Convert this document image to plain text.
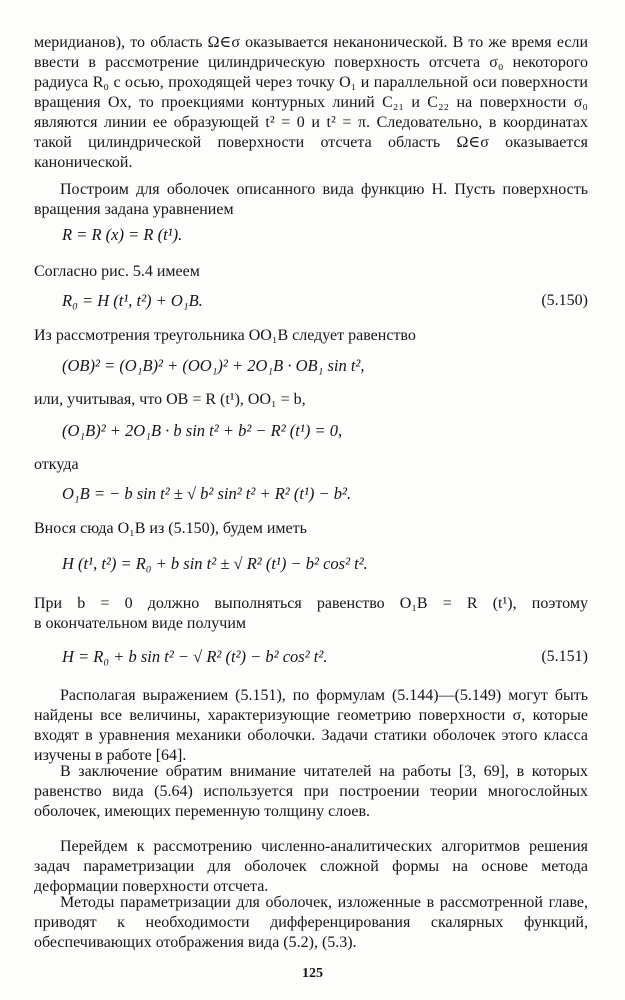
меридианов), то область Ω∈σ оказывается неканонической. В то же время если ввести в рассмотрение цилиндрическую поверхность отсчета σ₀ некоторого радиуса R₀ с осью, проходящей через точку O₁ и параллельной оси поверхности вращения Ox, то проекциями контурных линий C₂₁ и C₂₂ на поверхности σ₀ являются линии ее образующей t² = 0 и t² = π. Следовательно, в координатах такой цилиндрической поверхности отсчета область Ω∈σ оказывается канонической.

Построим для оболочек описанного вида функцию H. Пусть поверхность вращения задана уравнением

R = R (x) = R (t¹).

Согласно рис. 5.4 имеем

R₀ = H (t¹, t²) + O₁B.	(5.150)

Из рассмотрения треугольника OO₁B следует равенство

(OB)² = (O₁B)² + (OO₁)² + 2O₁B · OB₁ sin t²,

или, учитывая, что OB = R (t¹), OO₁ = b,

(O₁B)² + 2O₁B · b sin t² + b² − R² (t¹) = 0,

откуда

O₁B = − b sin t² ± √ b² sin² t² + R² (t¹) − b².

Внося сюда O₁B из (5.150), будем иметь

H (t¹, t²) = R₀ + b sin t² ± √ R² (t¹) − b² cos² t².

При b = 0 должно выполняться равенство O₁B = R (t¹), поэтому

в окончательном виде получим

H = R₀ + b sin t² − √ R² (t²) − b² cos² t².	(5.151)

Располагая выражением (5.151), по формулам (5.144)—(5.149) могут быть найдены все величины, характеризующие геометрию поверхности σ, которые входят в уравнения механики оболочки. Задачи статики оболочек этого класса изучены в работе [64].

В заключение обратим внимание читателей на работы [3, 69], в которых равенство вида (5.64) используется при построении теории многослойных оболочек, имеющих переменную толщину слоев.

Перейдем к рассмотрению численно-аналитических алгоритмов решения задач параметризации для оболочек сложной формы на основе метода деформации поверхности отсчета.

Методы параметризации для оболочек, изложенные в рассмотренной главе, приводят к необходимости дифференцирования скалярных функций, обеспечивающих отображения вида (5.2), (5.3).

125
